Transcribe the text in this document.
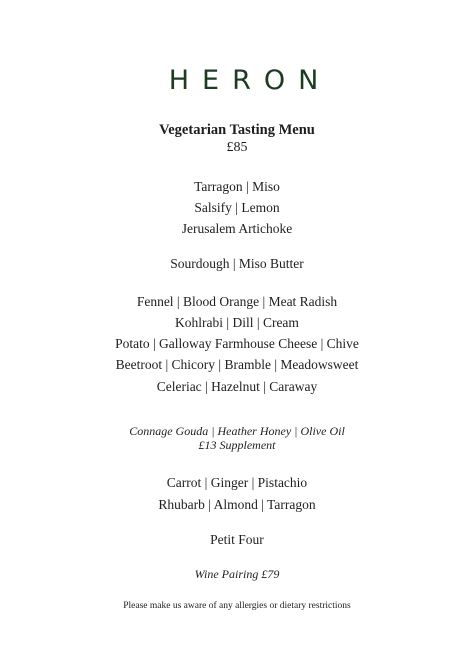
HERON
Vegetarian Tasting Menu
£85
Tarragon | Miso
Salsify | Lemon
Jerusalem Artichoke
Sourdough | Miso Butter
Fennel | Blood Orange | Meat Radish
Kohlrabi | Dill | Cream
Potato | Galloway Farmhouse Cheese | Chive
Beetroot | Chicory | Bramble | Meadowsweet
Celeriac | Hazelnut | Caraway
Connage Gouda | Heather Honey | Olive Oil
£13 Supplement
Carrot | Ginger | Pistachio
Rhubarb | Almond | Tarragon
Petit Four
Wine Pairing £79
Please make us aware of any allergies or dietary restrictions
